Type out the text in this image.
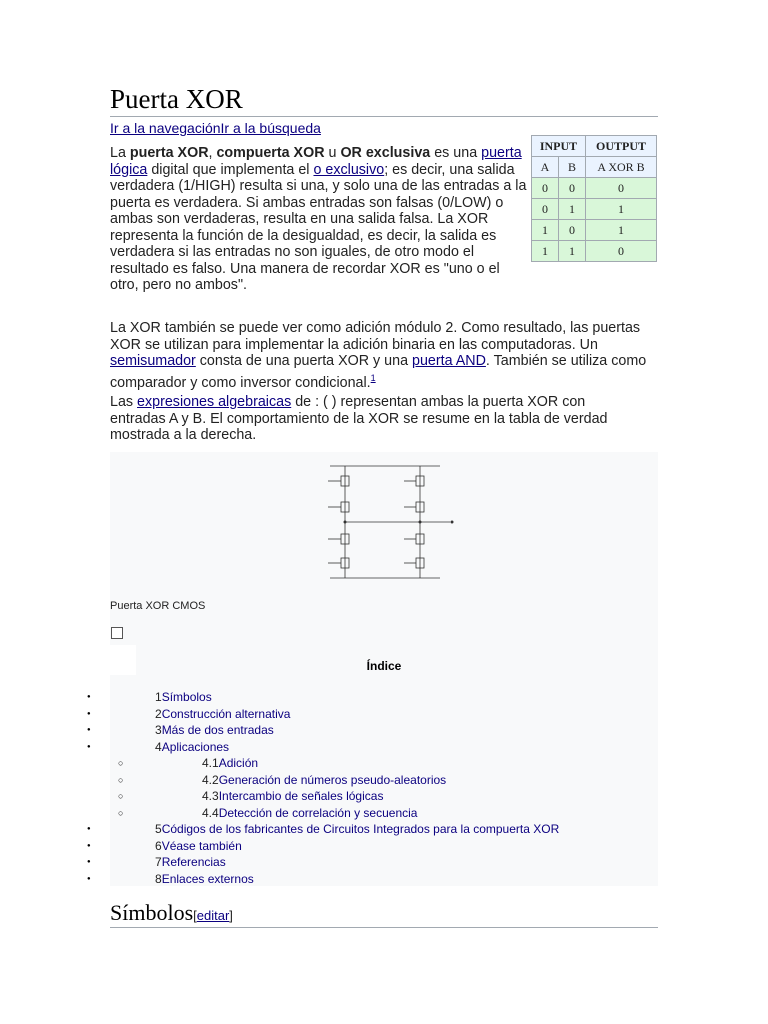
Puerta XOR
Ir a la navegaciónIr a la búsqueda

La puerta XOR, compuerta XOR u OR exclusiva es una puerta lógica digital que implementa el o exclusivo; es decir, una salida verdadera (1/HIGH) resulta si una, y solo una de las entradas a la puerta es verdadera. Si ambas entradas son falsas (0/LOW) o ambas son verdaderas, resulta en una salida falsa. La XOR representa la función de la desigualdad, es decir, la salida es verdadera si las entradas no son iguales, de otro modo el resultado es falso. Una manera de recordar XOR es "uno o el otro, pero no ambos".

INPUT		OUTPUT
A	B	A XOR B
0	0	0
0	1	1
1	0	1
1	1	0

La XOR también se puede ver como adición módulo 2. Como resultado, las puertas XOR se utilizan para implementar la adición binaria en las computadoras. Un semisumador consta de una puerta XOR y una puerta AND. También se utiliza como comparador y como inversor condicional.$^1$

Las expresiones algebraicas de : ( ) representan ambas la puerta XOR con entradas A y B. El comportamiento de la XOR se resume en la tabla de verdad mostrada a la derecha.

Puerta XOR CMOS
Índice
●	1Símbolos
●	2Construcción alternativa
●	3Más de dos entradas
●	4Aplicaciones
○	4.1Adición
○	4.2Generación de números pseudo-aleatorios
○	4.3Intercambio de señales lógicas
○	4.4Detección de correlación y secuencia
●	5Códigos de los fabricantes de Circuitos Integrados para la compuerta XOR
●	6Véase también
●	7Referencias
●	8Enlaces externos
Símbolos[editar]
